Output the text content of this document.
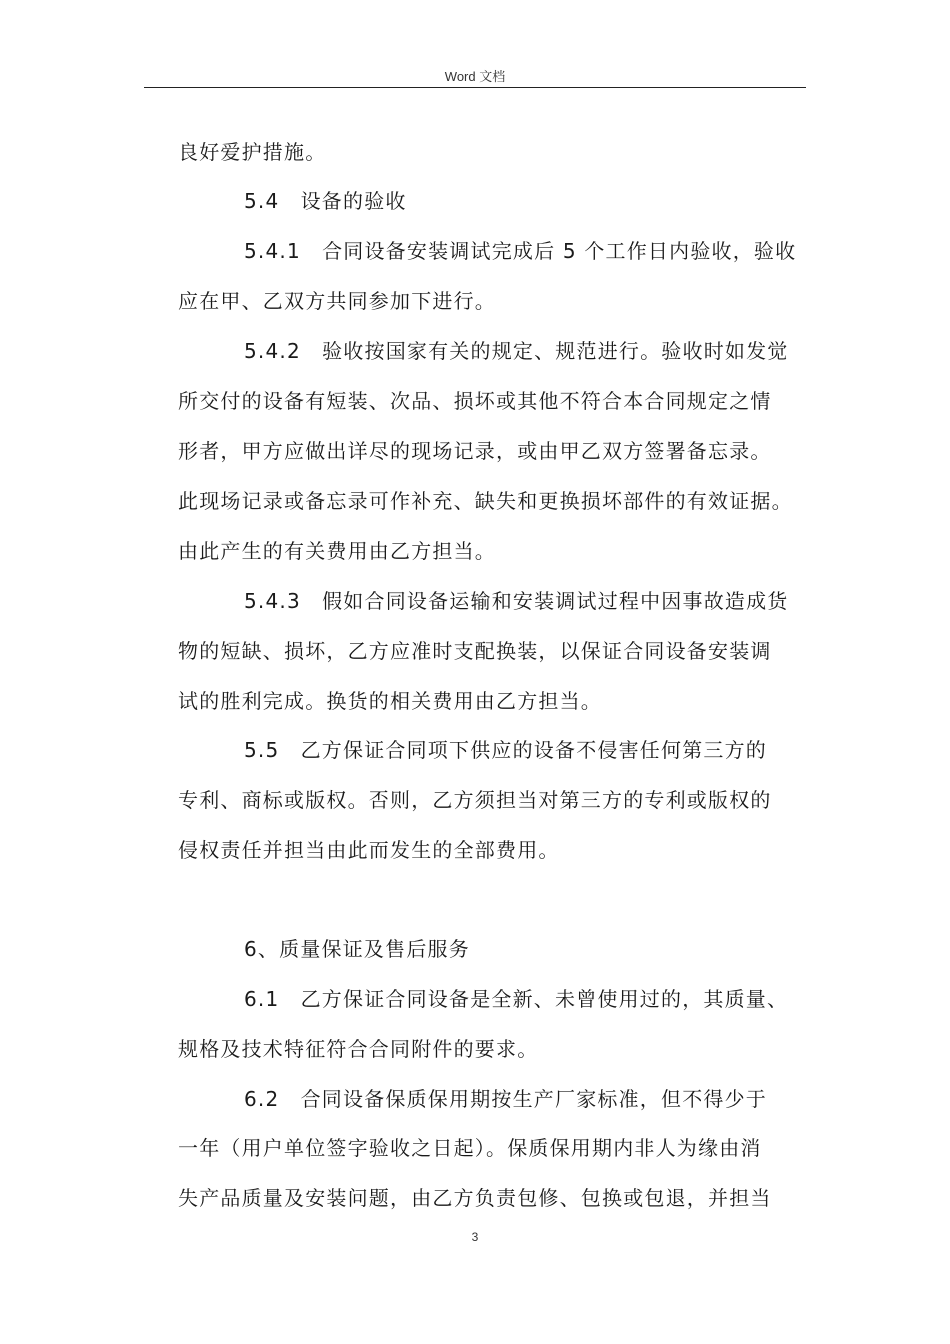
Word 文档
良好爱护措施。
5.4　设备的验收
5.4.1　合同设备安装调试完成后 5 个工作日内验收，验收
应在甲、乙双方共同参加下进行。
5.4.2　验收按国家有关的规定、规范进行。验收时如发觉
所交付的设备有短装、次品、损坏或其他不符合本合同规定之情
形者，甲方应做出详尽的现场记录，或由甲乙双方签署备忘录。
此现场记录或备忘录可作补充、缺失和更换损坏部件的有效证据。
由此产生的有关费用由乙方担当。
5.4.3　假如合同设备运输和安装调试过程中因事故造成货
物的短缺、损坏，乙方应准时支配换装，以保证合同设备安装调
试的胜利完成。换货的相关费用由乙方担当。
5.5　乙方保证合同项下供应的设备不侵害任何第三方的
专利、商标或版权。否则，乙方须担当对第三方的专利或版权的
侵权责任并担当由此而发生的全部费用。
6、质量保证及售后服务
6.1　乙方保证合同设备是全新、未曾使用过的，其质量、
规格及技术特征符合合同附件的要求。
6.2　合同设备保质保用期按生产厂家标准，但不得少于
一年（用户单位签字验收之日起）。保质保用期内非人为缘由消
失产品质量及安装问题，由乙方负责包修、包换或包退，并担当
3
